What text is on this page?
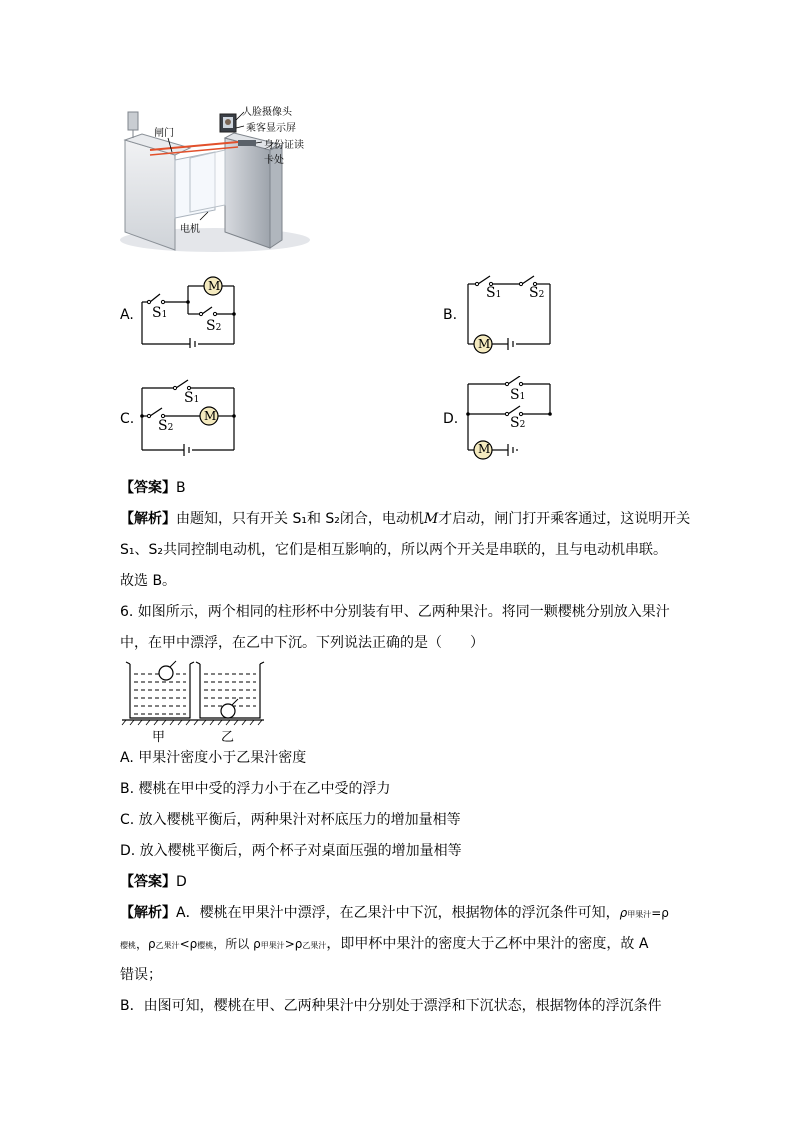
人脸摄像头
乘客显示屏
身份证读卡处
闸门
电机
A.
M
S1
S2
B.
M
S1 S2
C.	M
S1
S2
D.
M
S1
S2
【答案】B
【解析】由题知，只有开关 S₁和 S₂闭合，电动机M才启动，闸门打开乘客通过，这说明开关
S₁、S₂共同控制电动机，它们是相互影响的，所以两个开关是串联的，且与电动机串联。
故选 B。
6. 如图所示，两个相同的柱形杯中分别装有甲、乙两种果汁。将同一颗樱桃分别放入果汁
中，在甲中漂浮，在乙中下沉。下列说法正确的是（　　）
甲	乙
A. 甲果汁密度小于乙果汁密度
B. 樱桃在甲中受的浮力小于在乙中受的浮力
C. 放入樱桃平衡后，两种果汁对杯底压力的增加量相等
D. 放入樱桃平衡后，两个杯子对桌面压强的增加量相等
【答案】D
【解析】A．樱桃在甲果汁中漂浮，在乙果汁中下沉，根据物体的浮沉条件可知，ρ甲果汁=ρ
樱桃，ρ乙果汁<ρ樱桃，所以 ρ甲果汁>ρ乙果汁，即甲杯中果汁的密度大于乙杯中果汁的密度，故 A
错误；
B．由图可知，樱桃在甲、乙两种果汁中分别处于漂浮和下沉状态，根据物体的浮沉条件
